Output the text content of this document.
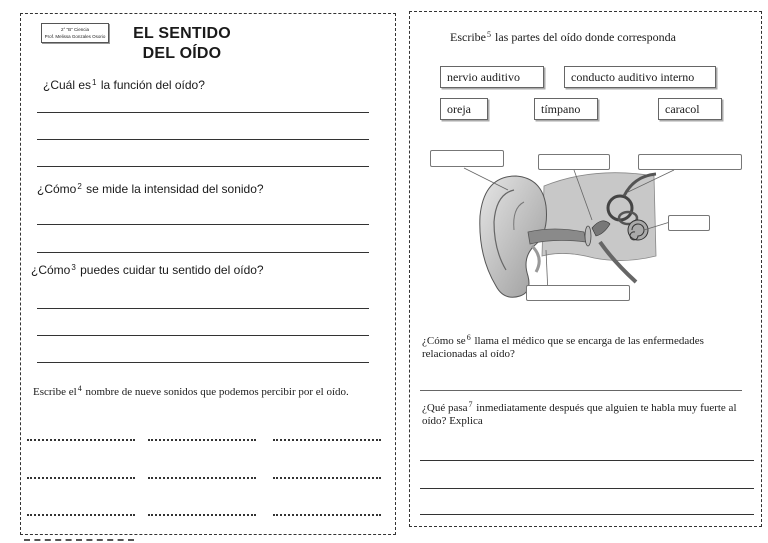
2° "B" Ciencia
Prof. Melissa Gonzales Osorio	EL SENTIDO
DEL OÍDO
¿Cuál $es^1$ la función del oído?
¿Cómo$^2$ se mide la intensidad del sonido?
¿Cómo$^3$ puedes cuidar tu sentido del oído?
Escribe $el^4$ nombre de nueve sonidos que podemos percibir por el oído.
Escribe$^5$ las partes del oído donde corresponda
nervio auditivo	conducto auditivo interno
oreja	tímpano	caracol
¿Cómo $se^6$ llama el médico que se encarga de las enfermedades relacionadas al oído?
¿Qué pasa$^7$ inmediatamente después que alguien te habla muy fuerte al oído? Explica
